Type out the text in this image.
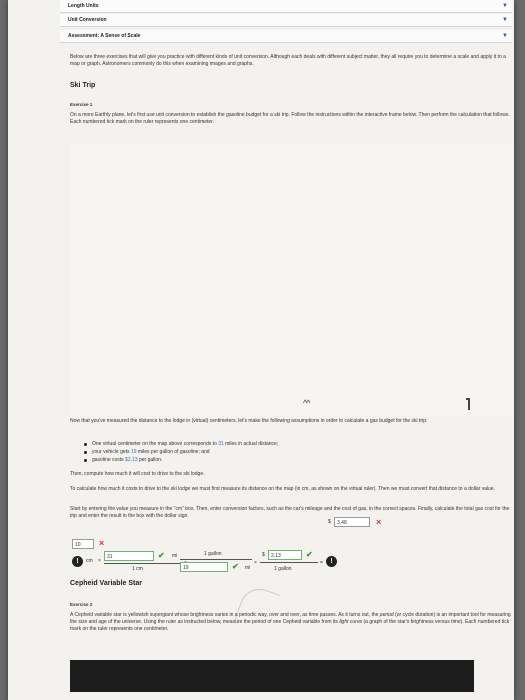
Length Units	▼
Unit Conversion	▼
Assessment: A Sense of Scale	▼
Below are three exercises that will give you practice with different kinds of unit conversion. Although each deals with different subject matter, they all require you to determine a scale and apply it to a map or graph. Astronomers commonly do this when examining images and graphs.
Ski Trip
Exercise 1
On a more Earthly plane, let's first use unit conversion to establish the gasoline budget for a ski trip. Follow the instructions within the interactive frame below. Then perform the calculation that follows. Each numbered tick mark on the ruler represents one centimeter.
^^
Now that you've measured the distance to the lodge in (virtual) centimeters, let's make the following assumptions in order to calculate a gas budget for the ski trip.
One virtual centimeter on the map above corresponds to 31 miles in actual distance;
your vehicle gets 19 miles per gallon of gasoline; and
gasoline costs $2.13 per gallon.
Then, compute how much it will cost to drive to the ski lodge.
To calculate how much it costs to drive to the ski lodge we must first measure its distance on the map (in cm, as shown on the virtual ruler). Then we must convert that distance to a dollar value.
Start by entering the value you measure in the "cm" box. Then, enter conversion factors, such as the car's mileage and the cost of gas, in the correct spaces. Finally, calculate the total gas cost for the trip and enter the result in the box with the dollar sign.
10	×
!	cm ×
31	✔ mi
1 cm
1 gallon
19	✔ mi
×
$	2.13	✔
1 gallon
=
$	3.48	×
!
Cepheid Variable Star
Exercise 2
A Cepheid variable star is yellowish supergiant whose brightness varies in a periodic way, over and over, as time passes. As it turns out, the period (or cycle duration) is an important tool for measuring the size and age of the universe. Using the ruler as instructed below, measure the period of one Cepheid variable from its light curve (a graph of the star's brightness versus time). Each numbered tick mark on the ruler represents one centimeter.
